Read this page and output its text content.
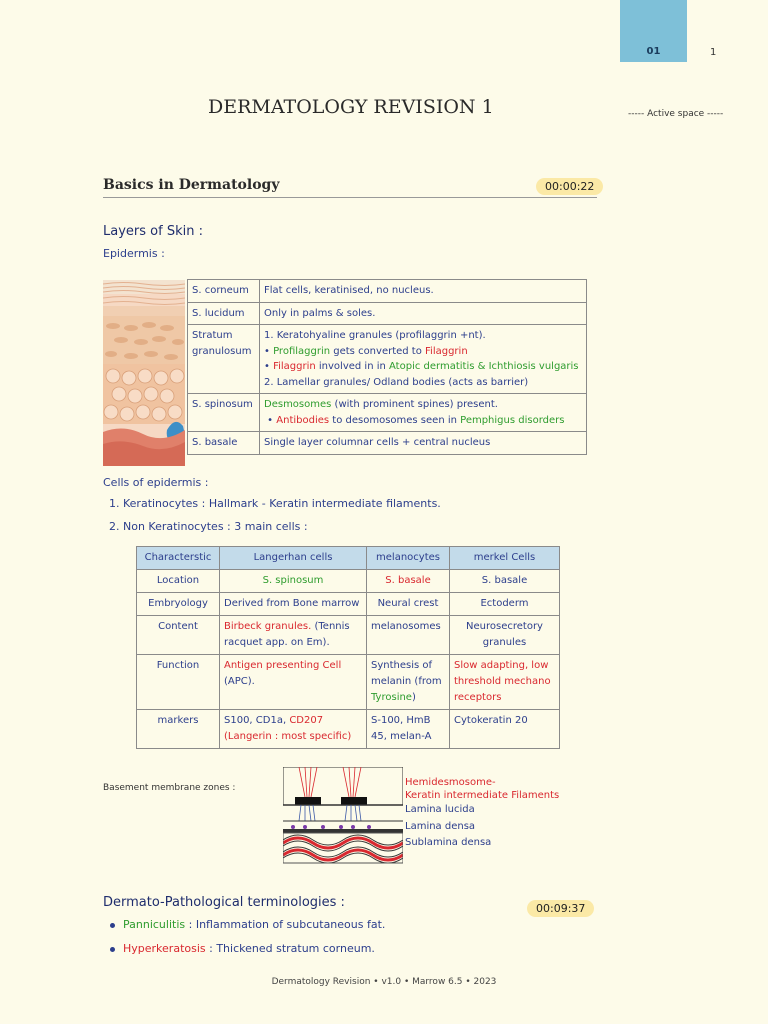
01	1
DERMATOLOGY REVISION 1	----- Active space -----
Basics in Dermatology	00:00:22
Layers of Skin :
Epidermis :
S. corneum	Flat cells, keratinised, no nucleus.
S. lucidum	Only in palms & soles.
Stratum granulosum	1. Keratohyaline granules (profilaggrin +nt).
• Profilaggrin gets converted to Filaggrin
• Filaggrin involved in in Atopic dermatitis & Ichthiosis vulgaris
2. Lamellar granules/ Odland bodies (acts as barrier)

S. spinosum	Desmosomes (with prominent spines) present.
• Antibodies to desomosomes seen in Pemphigus disorders

S. basale	Single layer columnar cells + central nucleus
Cells of epidermis :
1. Keratinocytes : Hallmark - Keratin intermediate filaments.
2. Non Keratinocytes : 3 main cells :
Characterstic	Langerhan cells	melanocytes	merkel Cells
Location	S. spinosum	S. basale	S. basale
Embryology	Derived from Bone marrow	Neural crest	Ectoderm
Content	Birbeck granules. (Tennis racquet app. on Em).	melanosomes	Neurosecretory granules
Function	Antigen presenting Cell (APC).	Synthesis of melanin (from Tyrosine)	Slow adapting, low threshold mechano receptors
markers	S100, CD1a, CD207
(Langerin : most specific)	S-100, HmB 45, melan-A	Cytokeratin 20
Basement membrane zones :	Hemidesmosome-
Keratin intermediate Filaments
Lamina lucida
Lamina densa
Sublamina densa
Dermato-Pathological terminologies :	00:09:37
Panniculitis : Inflammation of subcutaneous fat.
Hyperkeratosis : Thickened stratum corneum.
Dermatology Revision • v1.0 • Marrow 6.5 • 2023
